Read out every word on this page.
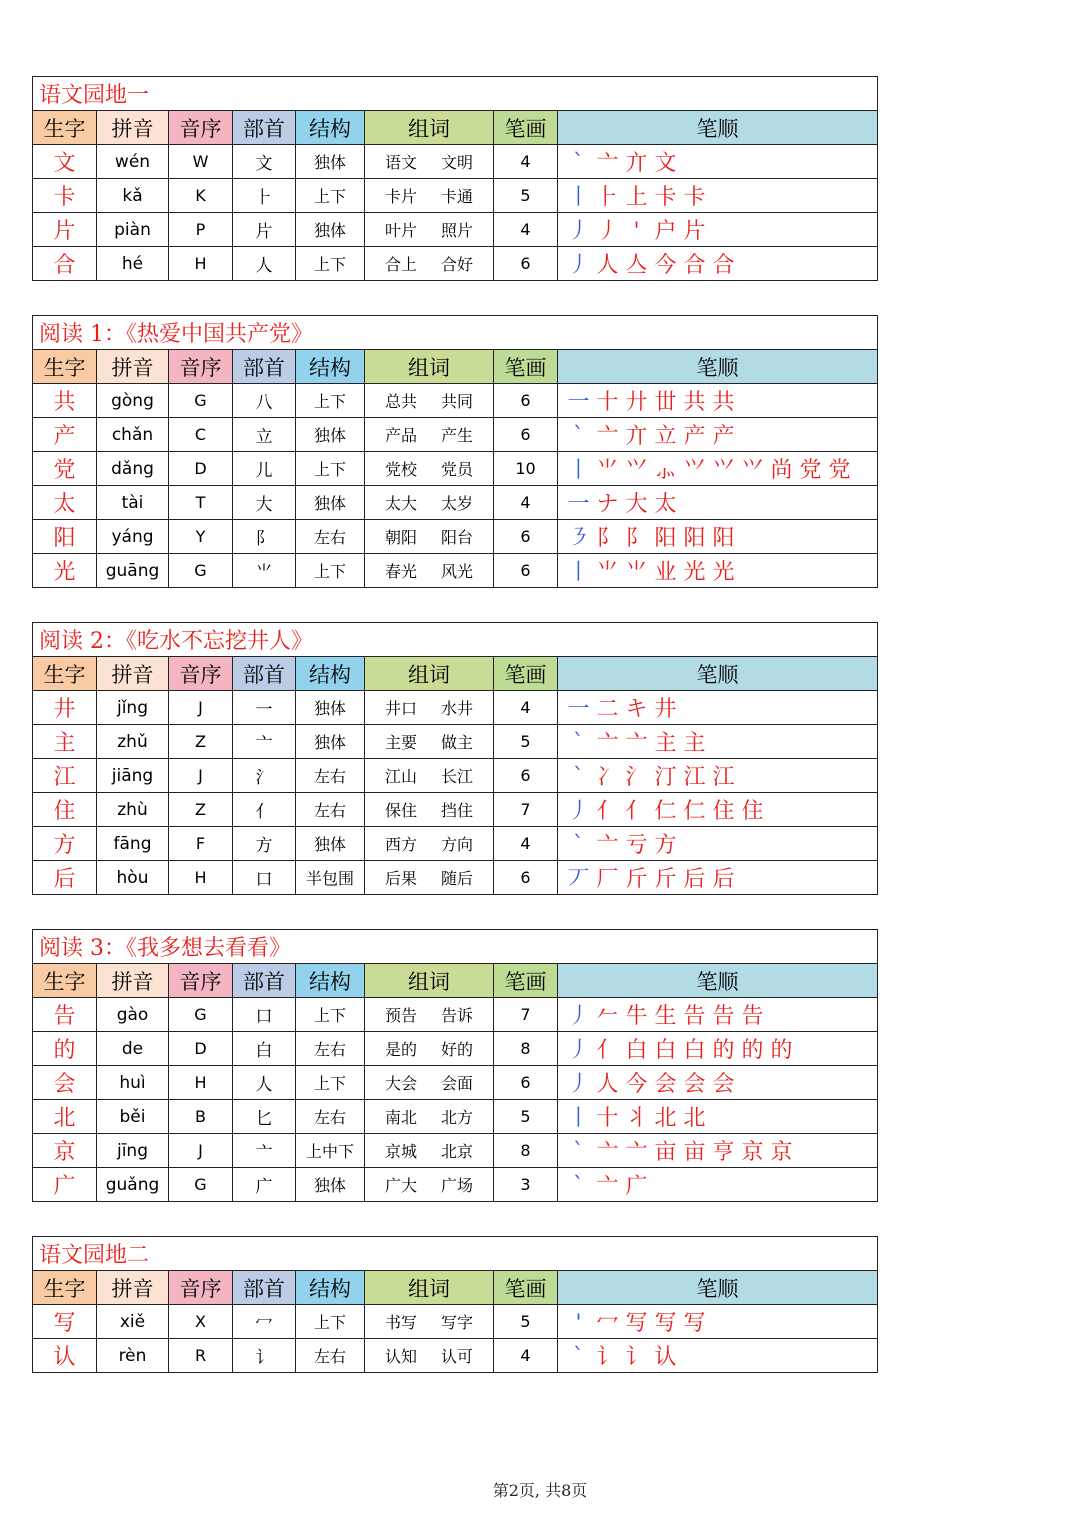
语文园地一							
生字	拼音	音序	部首	结构	组词	笔画	笔顺
文	wén	W	文	独体	语文 文明	4	` 亠 亣 文
卡	kǎ	K	⺊	上下	卡片 卡通	5	丨 ⺊ 上 卡 卡
片	piàn	P	片	独体	叶片 照片	4	丿 丿 ' 户 片
合	hé	H	人	上下	合上 合好	6	丿 人 亼 今 合 合
阅读 1：《热爱中国共产党》							
生字	拼音	音序	部首	结构	组词	笔画	笔顺
共	gòng	G	八	上下	总共 共同	6	一 十 廾 丗 共 共
产	chǎn	C	立	独体	产品 产生	6	` 亠 亣 立 产 产
党	dǎng	D	儿	上下	党校 党员	10	丨 ⺌ ⺍ ⺗ ⺍ ⺍ ⺍ 尚 党 党
太	tài	T	大	独体	太大 太岁	4	一 ナ 大 太
阳	yáng	Y	阝	左右	朝阳 阳台	6	㇋ 阝 阝 阳 阳 阳
光	guāng	G	⺌	上下	春光 风光	6	丨 ⺌ ⺌ 业 光 光
阅读 2：《吃水不忘挖井人》							
生字	拼音	音序	部首	结构	组词	笔画	笔顺
井	jǐng	J	一	独体	井口 水井	4	一 二 キ 井
主	zhǔ	Z	亠	独体	主要 做主	5	` 亠 亠 主 主
江	jiāng	J	氵	左右	江山 长江	6	` 冫 氵 汀 江 江
住	zhù	Z	亻	左右	保住 挡住	7	丿 亻 亻 仁 仁 住 住
方	fāng	F	方	独体	西方 方向	4	` 亠 亏 方
后	hòu	H	口	半包围	后果 随后	6	丆 厂 斤 斤 后 后
阅读 3：《我多想去看看》							
生字	拼音	音序	部首	结构	组词	笔画	笔顺
告	gào	G	口	上下	预告 告诉	7	丿 𠂉 牛 生 告 告 告
的	de	D	白	左右	是的 好的	8	丿 亻 白 白 白 的 的 的
会	huì	H	人	上下	大会 会面	6	丿 人 今 会 会 会
北	běi	B	匕	左右	南北 北方	5	丨 十 丬 北 北
京	jīng	J	亠	上中下	京城 北京	8	` 亠 亠 亩 亩 亨 京 京
广	guǎng	G	广	独体	广大 广场	3	` 亠 广
语文园地二							
生字	拼音	音序	部首	结构	组词	笔画	笔顺
写	xiě	X	冖	上下	书写 写字	5	' 冖 写 写 写
认	rèn	R	讠	左右	认知 认可	4	` 讠 讠 认
第2页, 共8页
